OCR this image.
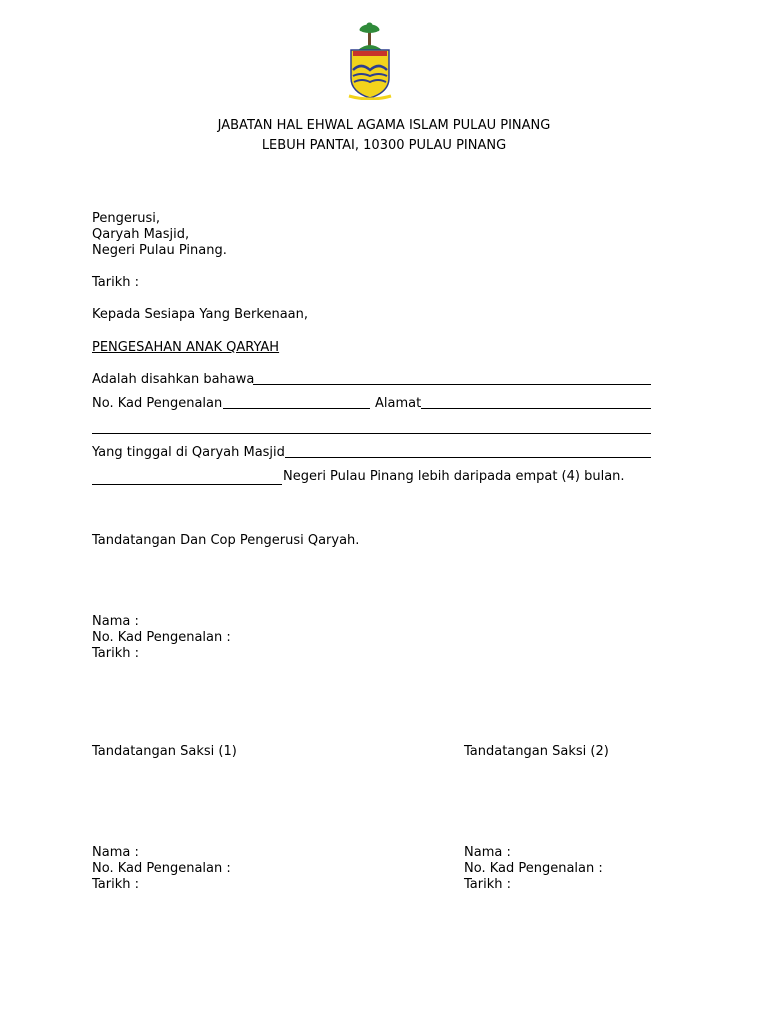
JABATAN HAL EHWAL AGAMA ISLAM PULAU PINANG
LEBUH PANTAI, 10300 PULAU PINANG
Pengerusi,
Qaryah Masjid,
Negeri Pulau Pinang.
Tarikh :
Kepada Sesiapa Yang Berkenaan,
PENGESAHAN ANAK QARYAH
Adalah disahkan bahawa
No. Kad Pengenalan	Alamat
Yang tinggal di Qaryah Masjid
Negeri Pulau Pinang lebih daripada empat (4) bulan.
Tandatangan Dan Cop Pengerusi Qaryah.
Nama :
No. Kad Pengenalan :
Tarikh :
Tandatangan Saksi (1)
Nama :
No. Kad Pengenalan :
Tarikh :
Tandatangan Saksi (2)
Nama :
No. Kad Pengenalan :
Tarikh :
